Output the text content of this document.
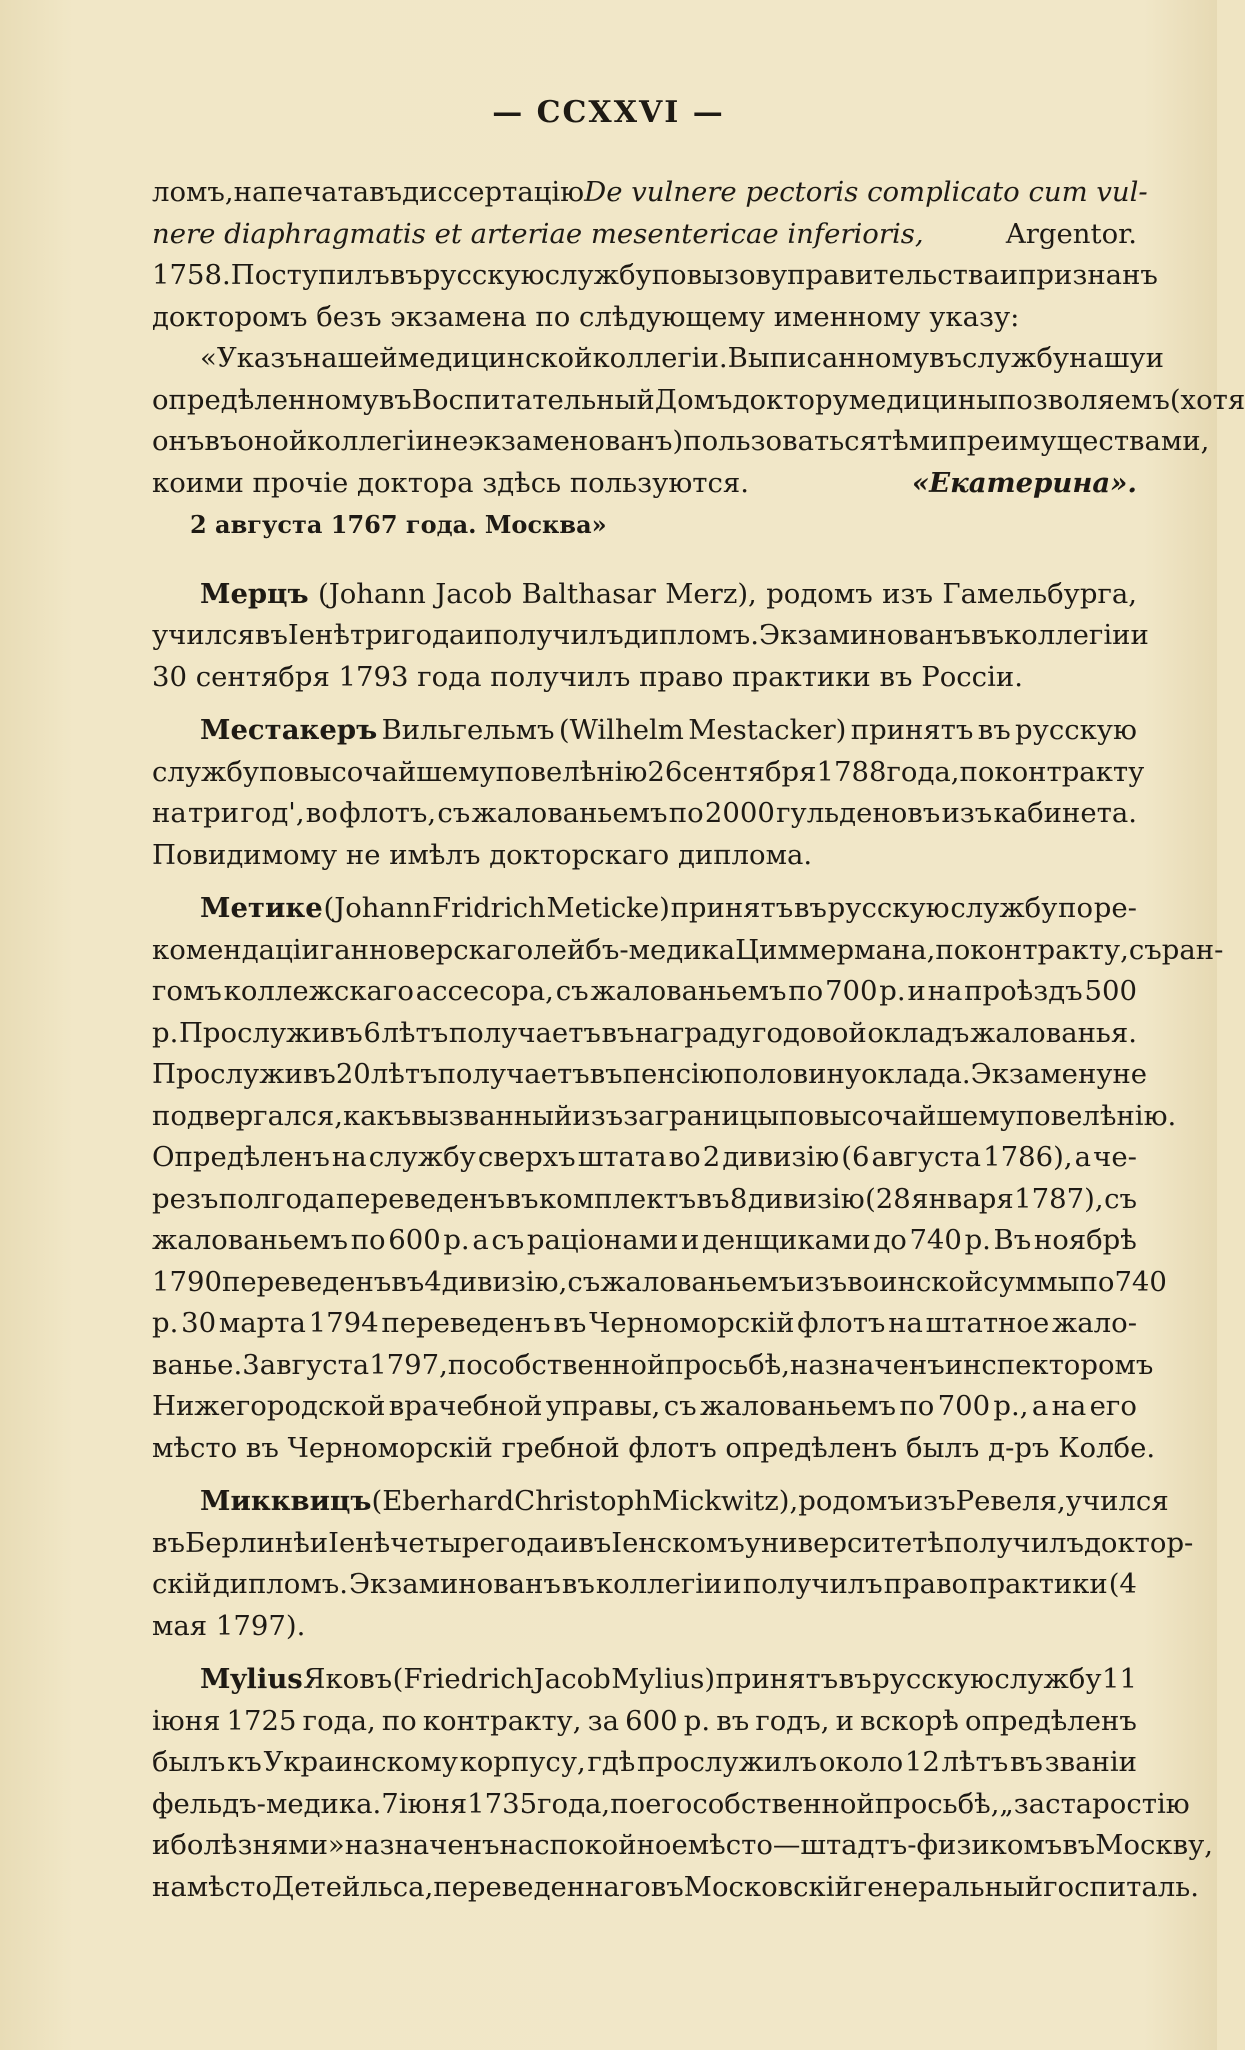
— CCXXVI —
ломъ, напечатавъ диссертацію De vulnere pectoris complicato cum vul-
nere diaphragmatis et arteriae mesentericae inferioris,	Argentor.
1758. Поступилъ въ русскую службу по вызову правительства и признанъ
докторомъ безъ экзамена по слѣдующему именному указу:
«Указъ нашей медицинской коллегіи. Выписанному въ службу нашу и
опредѣленному въ Воспитательный Домъ доктору медицины позволяемъ (хотя
онъ въ оной коллегіи не экзаменованъ) пользоваться тѣми преимуществами,
коими прочіе доктора здѣсь пользуются.	«Екатерина».
2 августа 1767 года. Москва»
Мерцъ (Johann Jacob Balthasar Merz), родомъ изъ Гамельбурга,
учился въ Іенѣ три года и получилъ дипломъ. Экзаминованъ въ коллегіи и
30 сентября 1793 года получилъ право практики въ Россіи.
Местакеръ Вильгельмъ (Wilhelm Mestacker) принятъ въ русскую
службу по высочайшему повелѣнію 26 сентября 1788 года, по контракту
на три год', во флотъ, съ жалованьемъ по 2000 гульденовъ изъ кабинета.
Повидимому не имѣлъ докторскаго диплома.
Метике (Johann Fridrich Meticke) принятъ въ русскую службу по ре-
комендаціи ганноверскаго лейбъ-медика Циммермана, по контракту, съ ран-
гомъ коллежскаго ассесора, съ жалованьемъ по 700 р. и на проѣздъ 500
р. Прослуживъ 6 лѣтъ получаетъ въ награду годовой окладъ жалованья.
Прослуживъ 20 лѣтъ получаетъ въ пенсію половину оклада. Экзамену не
подвергался, какъ вызванный изъ за границы по высочайшему повелѣнію.
Опредѣленъ на службу сверхъ штата во 2 дивизію (6 августа 1786), а че-
резъ полгода переведенъ въ комплектъ въ 8 дивизію (28 января 1787), съ
жалованьемъ по 600 р. а съ раціонами и денщиками до 740 р. Въ ноябрѣ
1790 переведенъ въ 4 дивизію, съ жалованьемъ изъ воинской суммы по 740
р. 30 марта 1794 переведенъ въ Черноморскій флотъ на штатное жало-
ванье. 3 августа 1797, по собственной просьбѣ, назначенъ инспекторомъ
Нижегородской врачебной управы, съ жалованьемъ по 700 р., а на его
мѣсто въ Черноморскій гребной флотъ опредѣленъ былъ д-ръ Колбе.
Микквицъ (Eberhard Christoph Mickwitz), родомъ изъ Ревеля, учился
въ Берлинѣ и Іенѣ четыре года и въ Іенскомъ университетѣ получилъ доктор-
скій дипломъ. Экзаминованъ въ коллегіи и получилъ право практики (4
мая 1797).
Mylius Яковъ (Friedrich Jacob Mylius) принятъ въ русскую службу 11
іюня 1725 года, по контракту, за 600 р. въ годъ, и вскорѣ опредѣленъ
былъ къ Украинскому корпусу, гдѣ прослужилъ около 12 лѣтъ въ званіи
фельдъ-медика. 7 іюня 1735 года, по его собственной просьбѣ, „за старостію
и болѣзнями» назначенъ на спокойное мѣсто—штадтъ-физикомъ въ Москву,
на мѣсто Детейльса, переведеннаго въ Московскій генеральный госпиталь.
